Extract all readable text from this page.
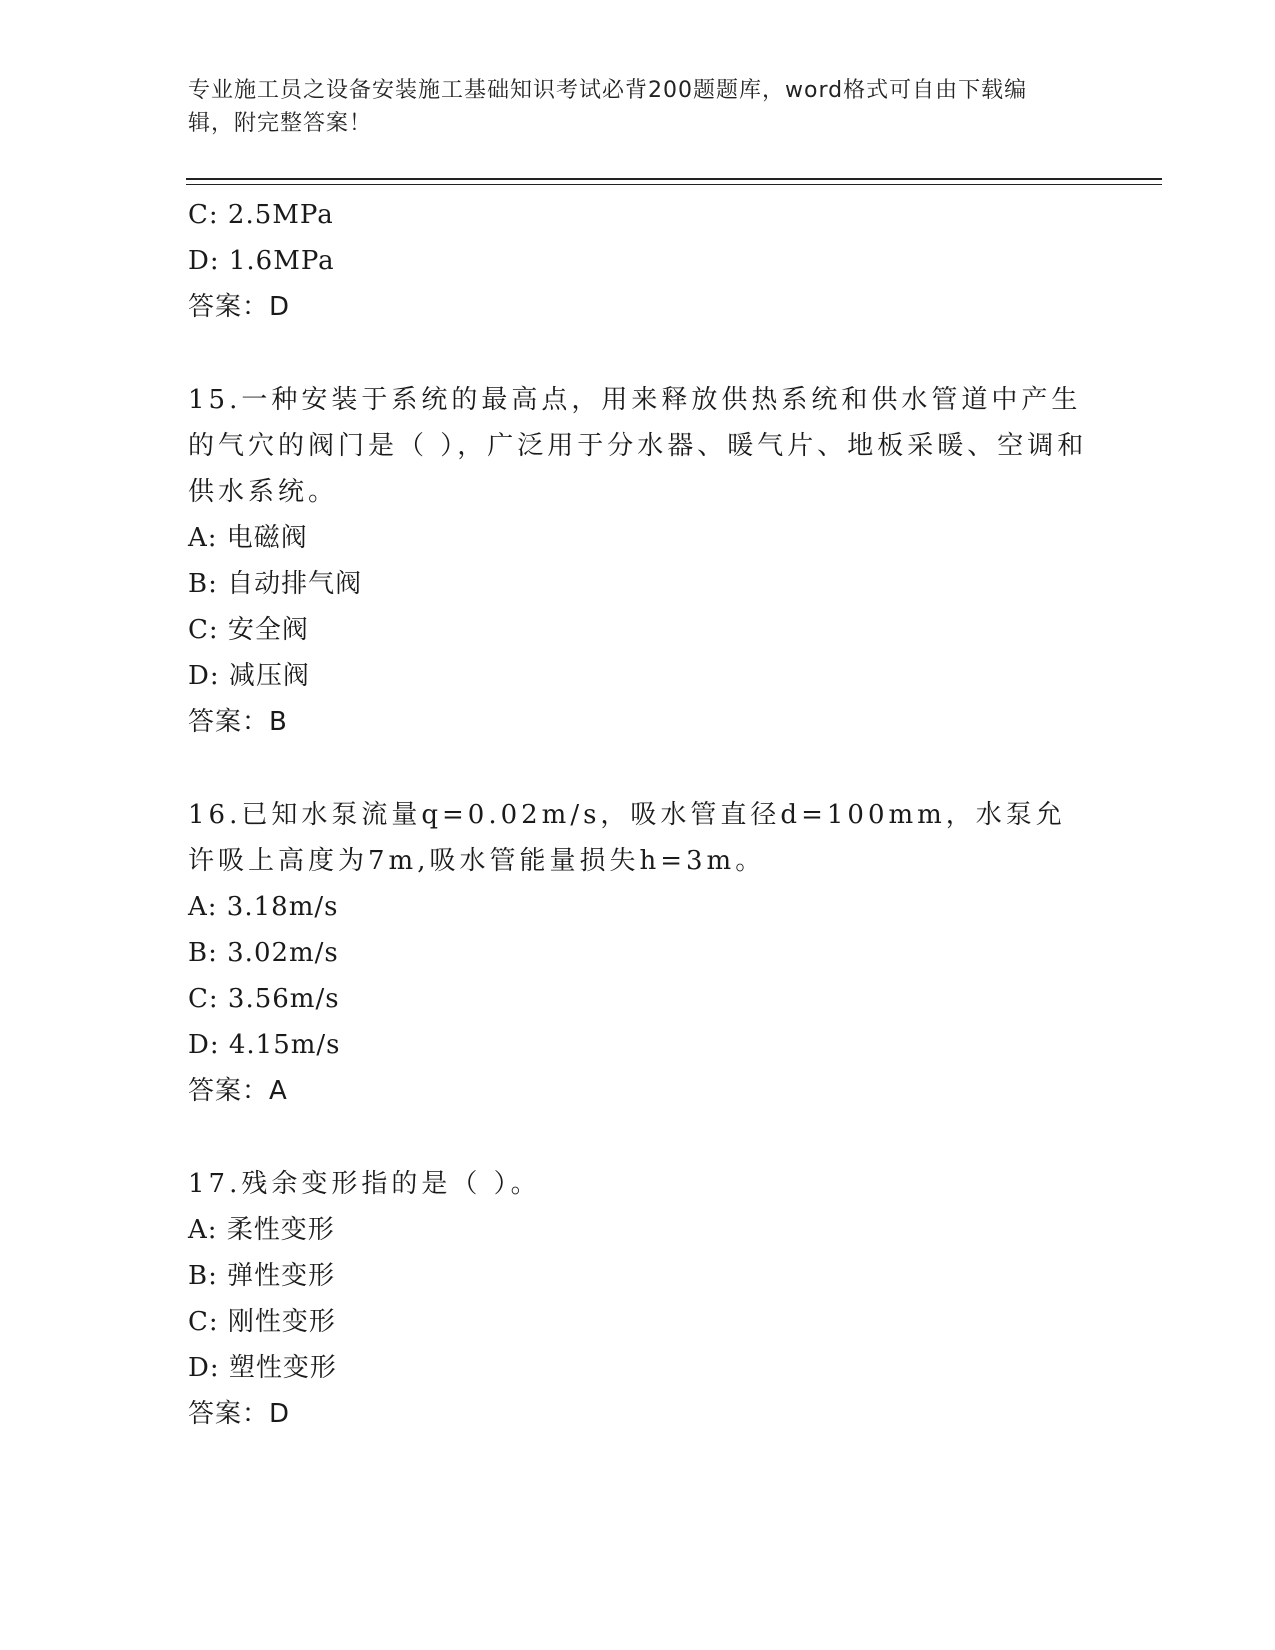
专业施工员之设备安装施工基础知识考试必背200题题库，word格式可自由下载编辑，附完整答案！
C: 2.5MPa
D: 1.6MPa
答案：D
15.一种安装于系统的最高点，用来释放供热系统和供水管道中产生的气穴的阀门是（ ），广泛用于分水器、暖气片、地板采暖、空调和供水系统。
A: 电磁阀
B: 自动排气阀
C: 安全阀
D: 减压阀
答案：B
16.已知水泵流量q=0.02m/s，吸水管直径d=100mm，水泵允许吸上高度为7m,吸水管能量损失h=3m。
A: 3.18m/s
B: 3.02m/s
C: 3.56m/s
D: 4.15m/s
答案：A
17.残余变形指的是（ ）。
A: 柔性变形
B: 弹性变形
C: 刚性变形
D: 塑性变形
答案：D
